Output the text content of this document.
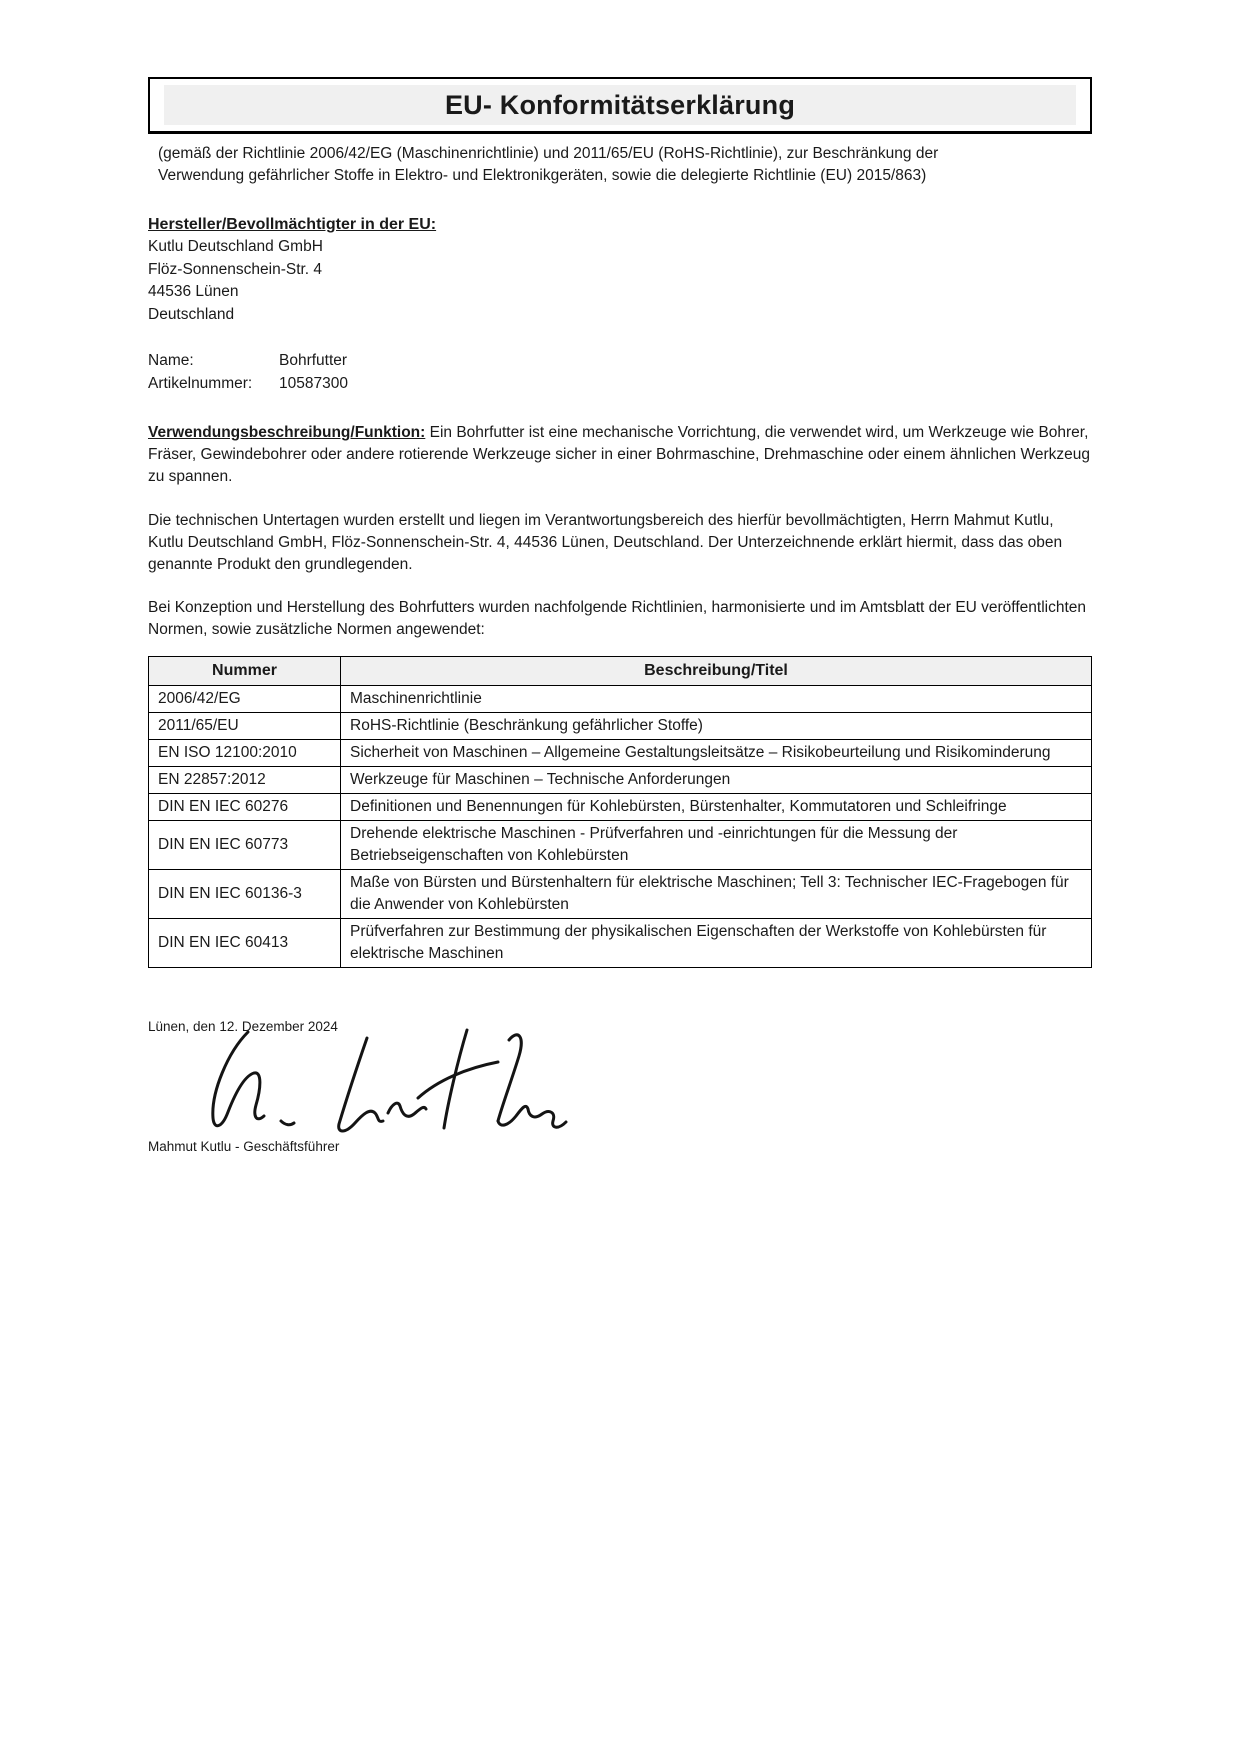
EU- Konformitätserklärung
(gemäß der Richtlinie 2006/42/EG (Maschinenrichtlinie) und 2011/65/EU (RoHS-Richtlinie), zur Beschränkung der
Verwendung gefährlicher Stoffe in Elektro- und Elektronikgeräten, sowie die delegierte Richtlinie (EU) 2015/863)
Hersteller/Bevollmächtigter in der EU:
Kutlu Deutschland GmbH
Flöz-Sonnenschein-Str. 4
44536 Lünen
Deutschland
Name:	Bohrfutter
Artikelnummer:	10587300
Verwendungsbeschreibung/Funktion: Ein Bohrfutter ist eine mechanische Vorrichtung, die verwendet wird, um Werkzeuge wie Bohrer, Fräser, Gewindebohrer oder andere rotierende Werkzeuge sicher in einer Bohrmaschine, Drehmaschine oder einem ähnlichen Werkzeug zu spannen.
Die technischen Untertagen wurden erstellt und liegen im Verantwortungsbereich des hierfür bevollmächtigten, Herrn Mahmut Kutlu, Kutlu Deutschland GmbH, Flöz-Sonnenschein-Str. 4, 44536 Lünen, Deutschland. Der Unterzeichnende erklärt hiermit, dass das oben genannte Produkt den grundlegenden.
Bei Konzeption und Herstellung des Bohrfutters wurden nachfolgende Richtlinien, harmonisierte und im Amtsblatt der EU veröffentlichten Normen, sowie zusätzliche Normen angewendet:
Nummer	Beschreibung/Titel
2006/42/EG	Maschinenrichtlinie
2011/65/EU	RoHS-Richtlinie (Beschränkung gefährlicher Stoffe)
EN ISO 12100:2010	Sicherheit von Maschinen – Allgemeine Gestaltungsleitsätze – Risikobeurteilung und Risikominderung
EN 22857:2012	Werkzeuge für Maschinen – Technische Anforderungen
DIN EN IEC 60276	Definitionen und Benennungen für Kohlebürsten, Bürstenhalter, Kommutatoren und Schleifringe
DIN EN IEC 60773	Drehende elektrische Maschinen - Prüfverfahren und -einrichtungen für die Messung der Betriebseigenschaften von Kohlebürsten
DIN EN IEC 60136-3	Maße von Bürsten und Bürstenhaltern für elektrische Maschinen; Tell 3: Technischer IEC-Fragebogen für die Anwender von Kohlebürsten
DIN EN IEC 60413	Prüfverfahren zur Bestimmung der physikalischen Eigenschaften der Werkstoffe von Kohlebürsten für elektrische Maschinen
Lünen, den 12. Dezember 2024
Mahmut Kutlu - Geschäftsführer
